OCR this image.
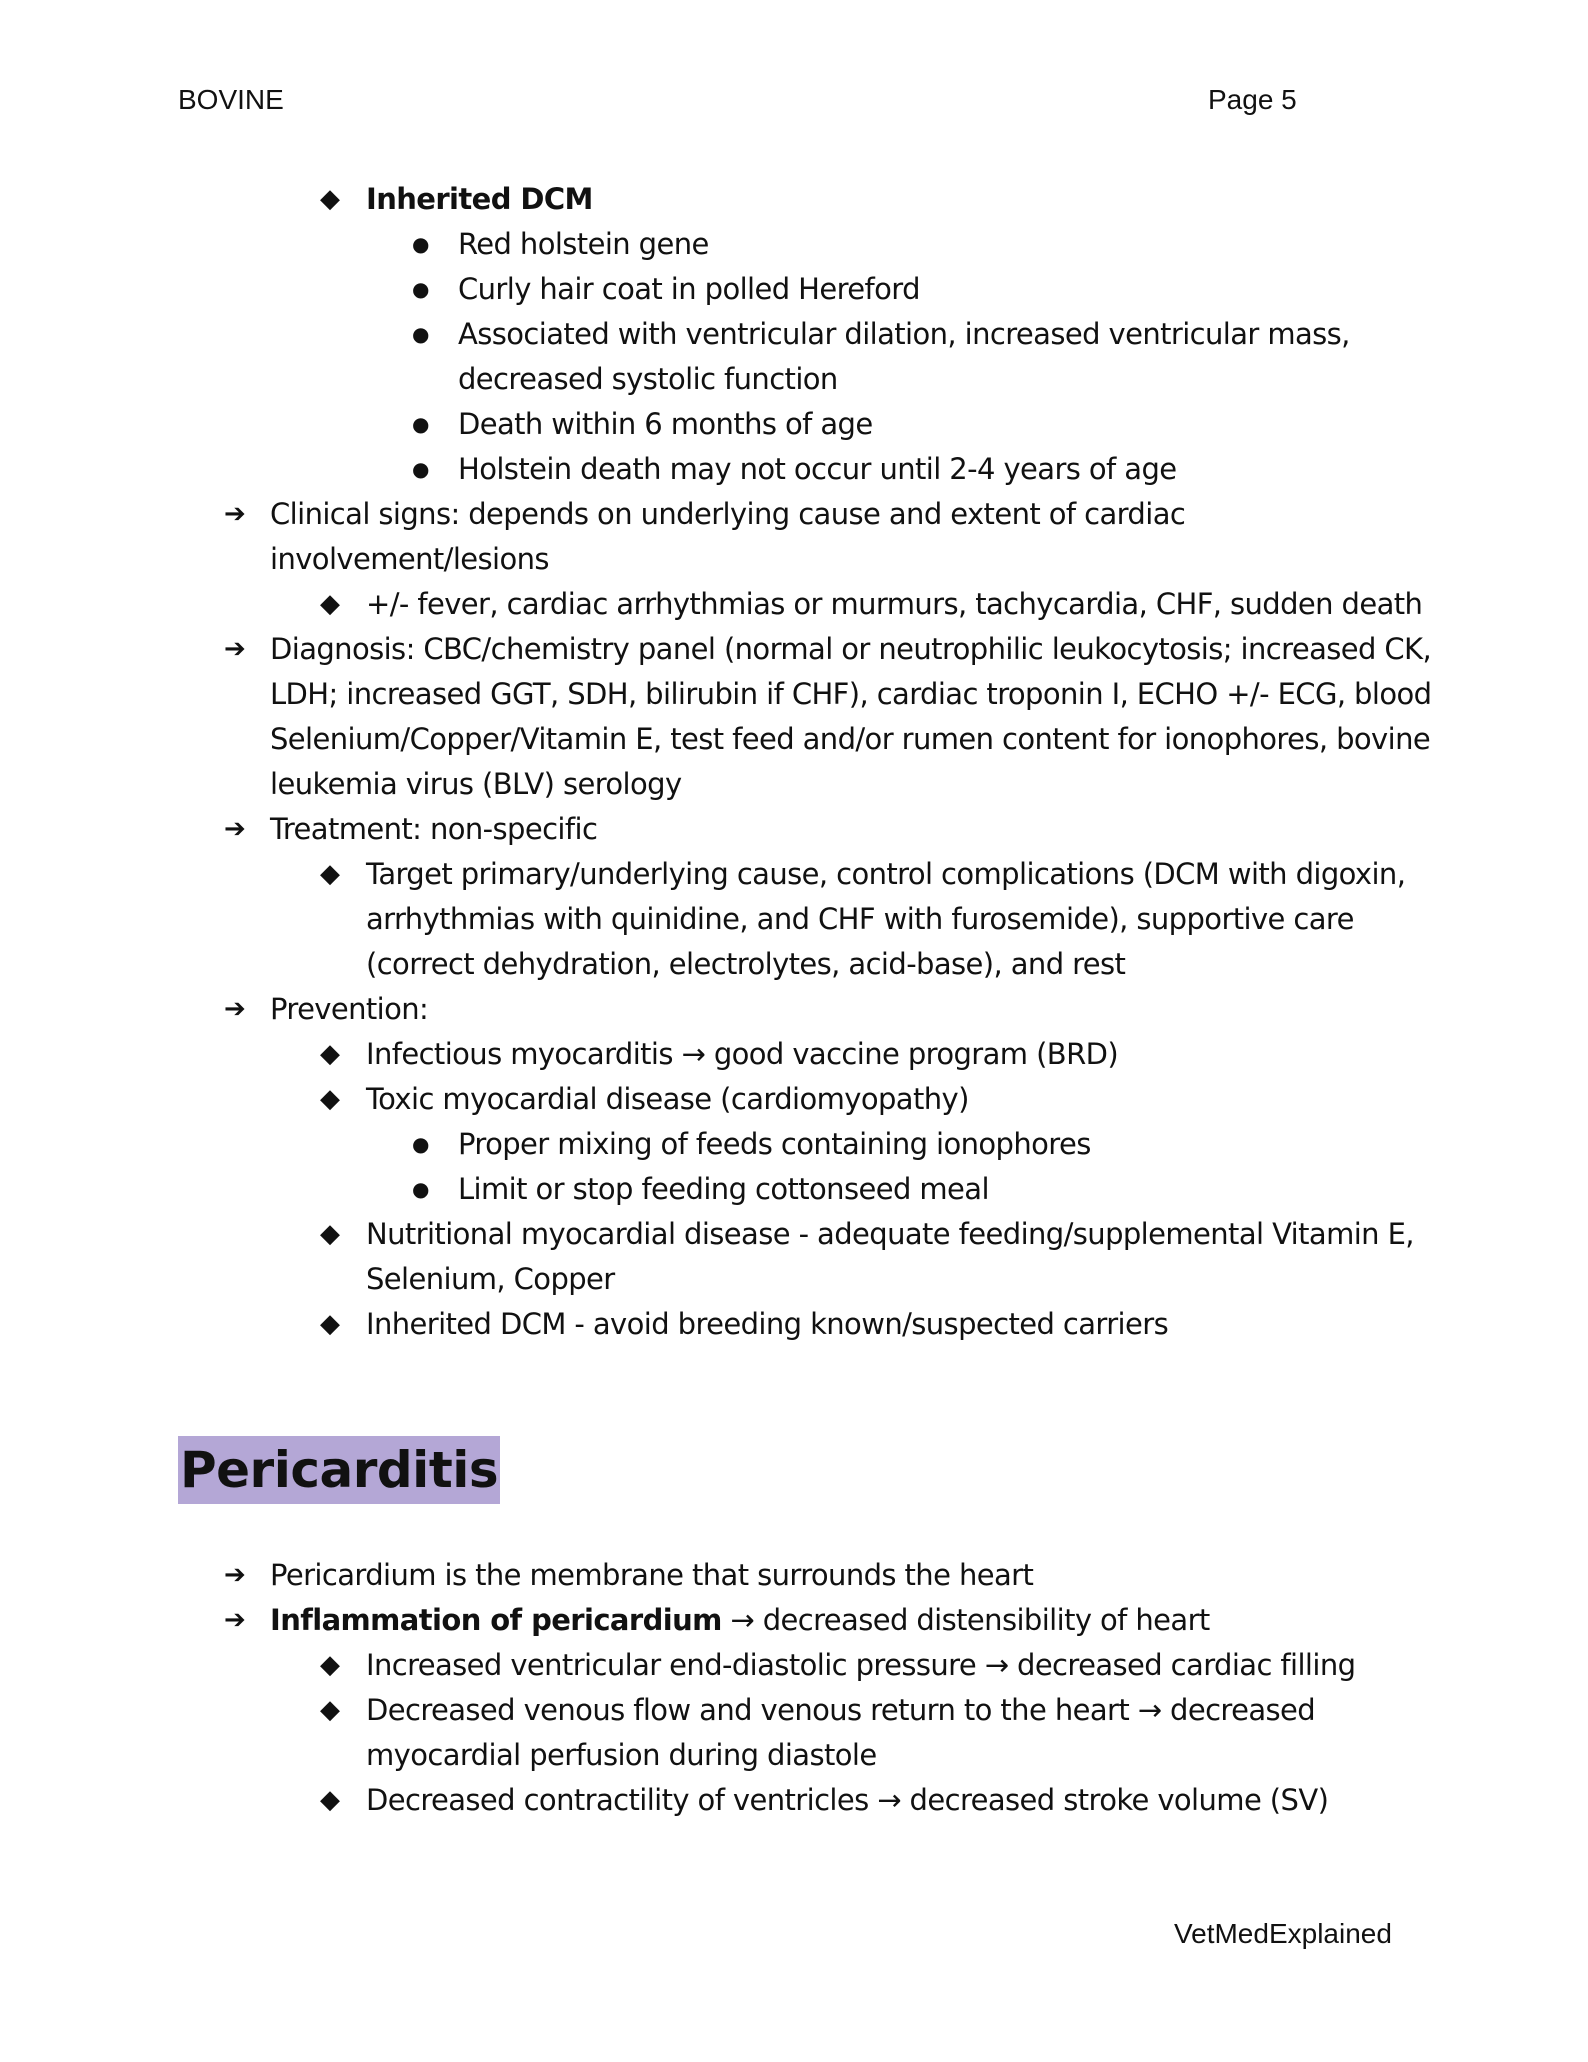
BOVINE	Page 5
◆ Inherited DCM
● Red holstein gene
● Curly hair coat in polled Hereford
● Associated with ventricular dilation, increased ventricular mass,
decreased systolic function
● Death within 6 months of age
● Holstein death may not occur until 2-4 years of age
➔ Clinical signs: depends on underlying cause and extent of cardiac
involvement/lesions
◆ +/- fever, cardiac arrhythmias or murmurs, tachycardia, CHF, sudden death
➔ Diagnosis: CBC/chemistry panel (normal or neutrophilic leukocytosis; increased CK,
LDH; increased GGT, SDH, bilirubin if CHF), cardiac troponin I, ECHO +/- ECG, blood
Selenium/Copper/Vitamin E, test feed and/or rumen content for ionophores, bovine
leukemia virus (BLV) serology
➔ Treatment: non-specific
◆ Target primary/underlying cause, control complications (DCM with digoxin,
arrhythmias with quinidine, and CHF with furosemide), supportive care
(correct dehydration, electrolytes, acid-base), and rest
➔ Prevention:
◆ Infectious myocarditis → good vaccine program (BRD)
◆ Toxic myocardial disease (cardiomyopathy)
● Proper mixing of feeds containing ionophores
● Limit or stop feeding cottonseed meal
◆ Nutritional myocardial disease - adequate feeding/supplemental Vitamin E,
Selenium, Copper
◆ Inherited DCM - avoid breeding known/suspected carriers
Pericarditis
➔ Pericardium is the membrane that surrounds the heart
➔ Inflammation of pericardium → decreased distensibility of heart
◆ Increased ventricular end-diastolic pressure → decreased cardiac filling
◆ Decreased venous flow and venous return to the heart → decreased
myocardial perfusion during diastole
◆ Decreased contractility of ventricles → decreased stroke volume (SV)
VetMedExplained
